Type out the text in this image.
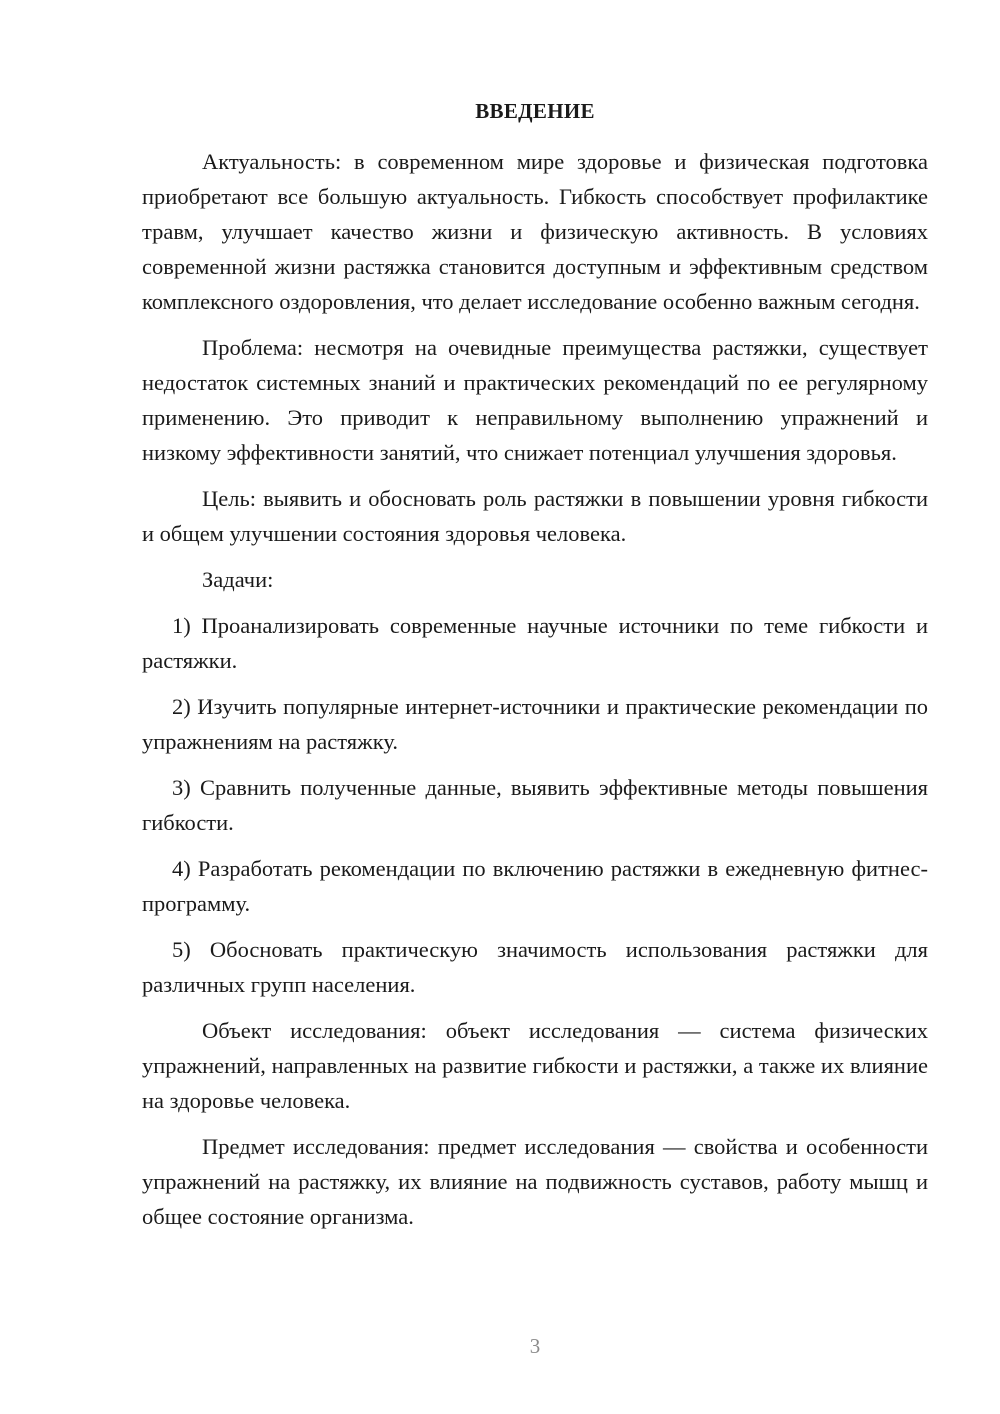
ВВЕДЕНИЕ

Актуальность: в современном мире здоровье и физическая подготовка приобретают все большую актуальность. Гибкость способствует профилактике травм, улучшает качество жизни и физическую активность. В условиях современной жизни растяжка становится доступным и эффективным средством комплексного оздоровления, что делает исследование особенно важным сегодня.

Проблема: несмотря на очевидные преимущества растяжки, существует недостаток системных знаний и практических рекомендаций по ее регулярному применению. Это приводит к неправильному выполнению упражнений и низкому эффективности занятий, что снижает потенциал улучшения здоровья.

Цель: выявить и обосновать роль растяжки в повышении уровня гибкости и общем улучшении состояния здоровья человека.

Задачи:

1) Проанализировать современные научные источники по теме гибкости и растяжки.

2) Изучить популярные интернет-источники и практические рекомендации по упражнениям на растяжку.

3) Сравнить полученные данные, выявить эффективные методы повышения гибкости.

4) Разработать рекомендации по включению растяжки в ежедневную фитнес-программу.

5) Обосновать практическую значимость использования растяжки для различных групп населения.

Объект исследования: объект исследования — система физических упражнений, направленных на развитие гибкости и растяжки, а также их влияние на здоровье человека.

Предмет исследования: предмет исследования — свойства и особенности упражнений на растяжку, их влияние на подвижность суставов, работу мышц и общее состояние организма.

3
